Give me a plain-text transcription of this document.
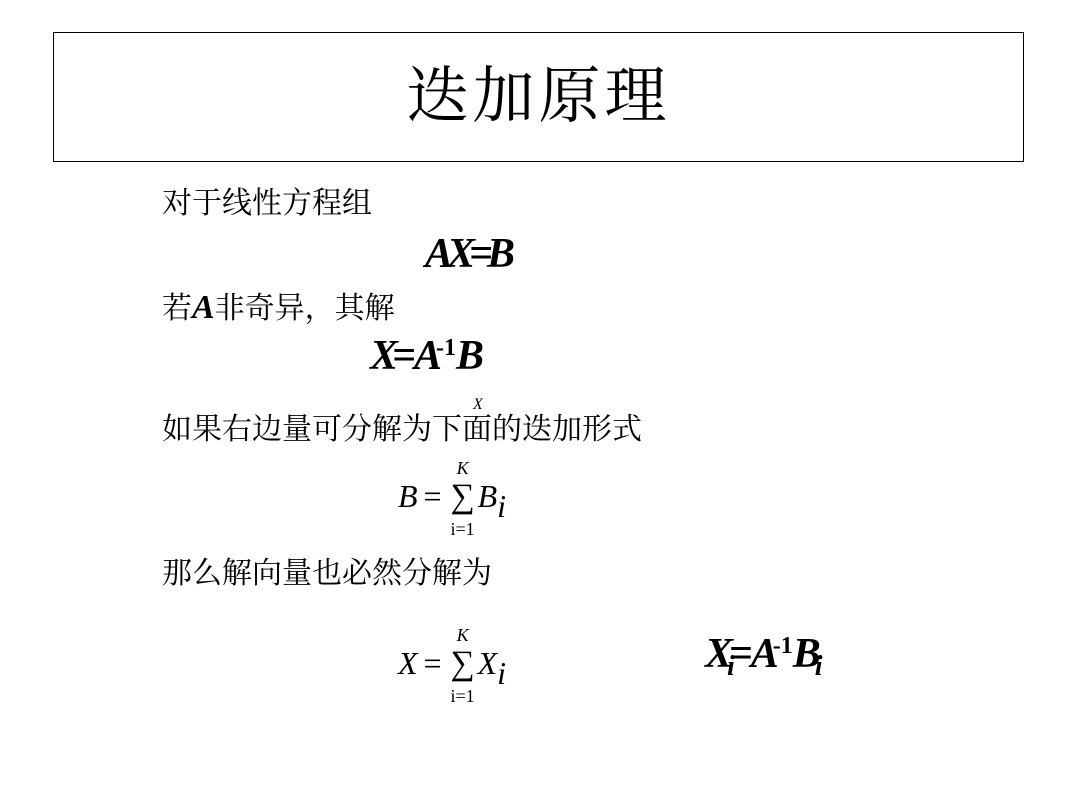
迭加原理
对于线性方程组
AX=B
若A非奇异，其解
$X=A^{-1}B$
X
如果右边量可分解为下面的迭加形式
B =
K
∑
i=1
Bi
那么解向量也必然分解为
X =
K
∑
i=1
Xi	$Xi=A^{-1}Bi$
